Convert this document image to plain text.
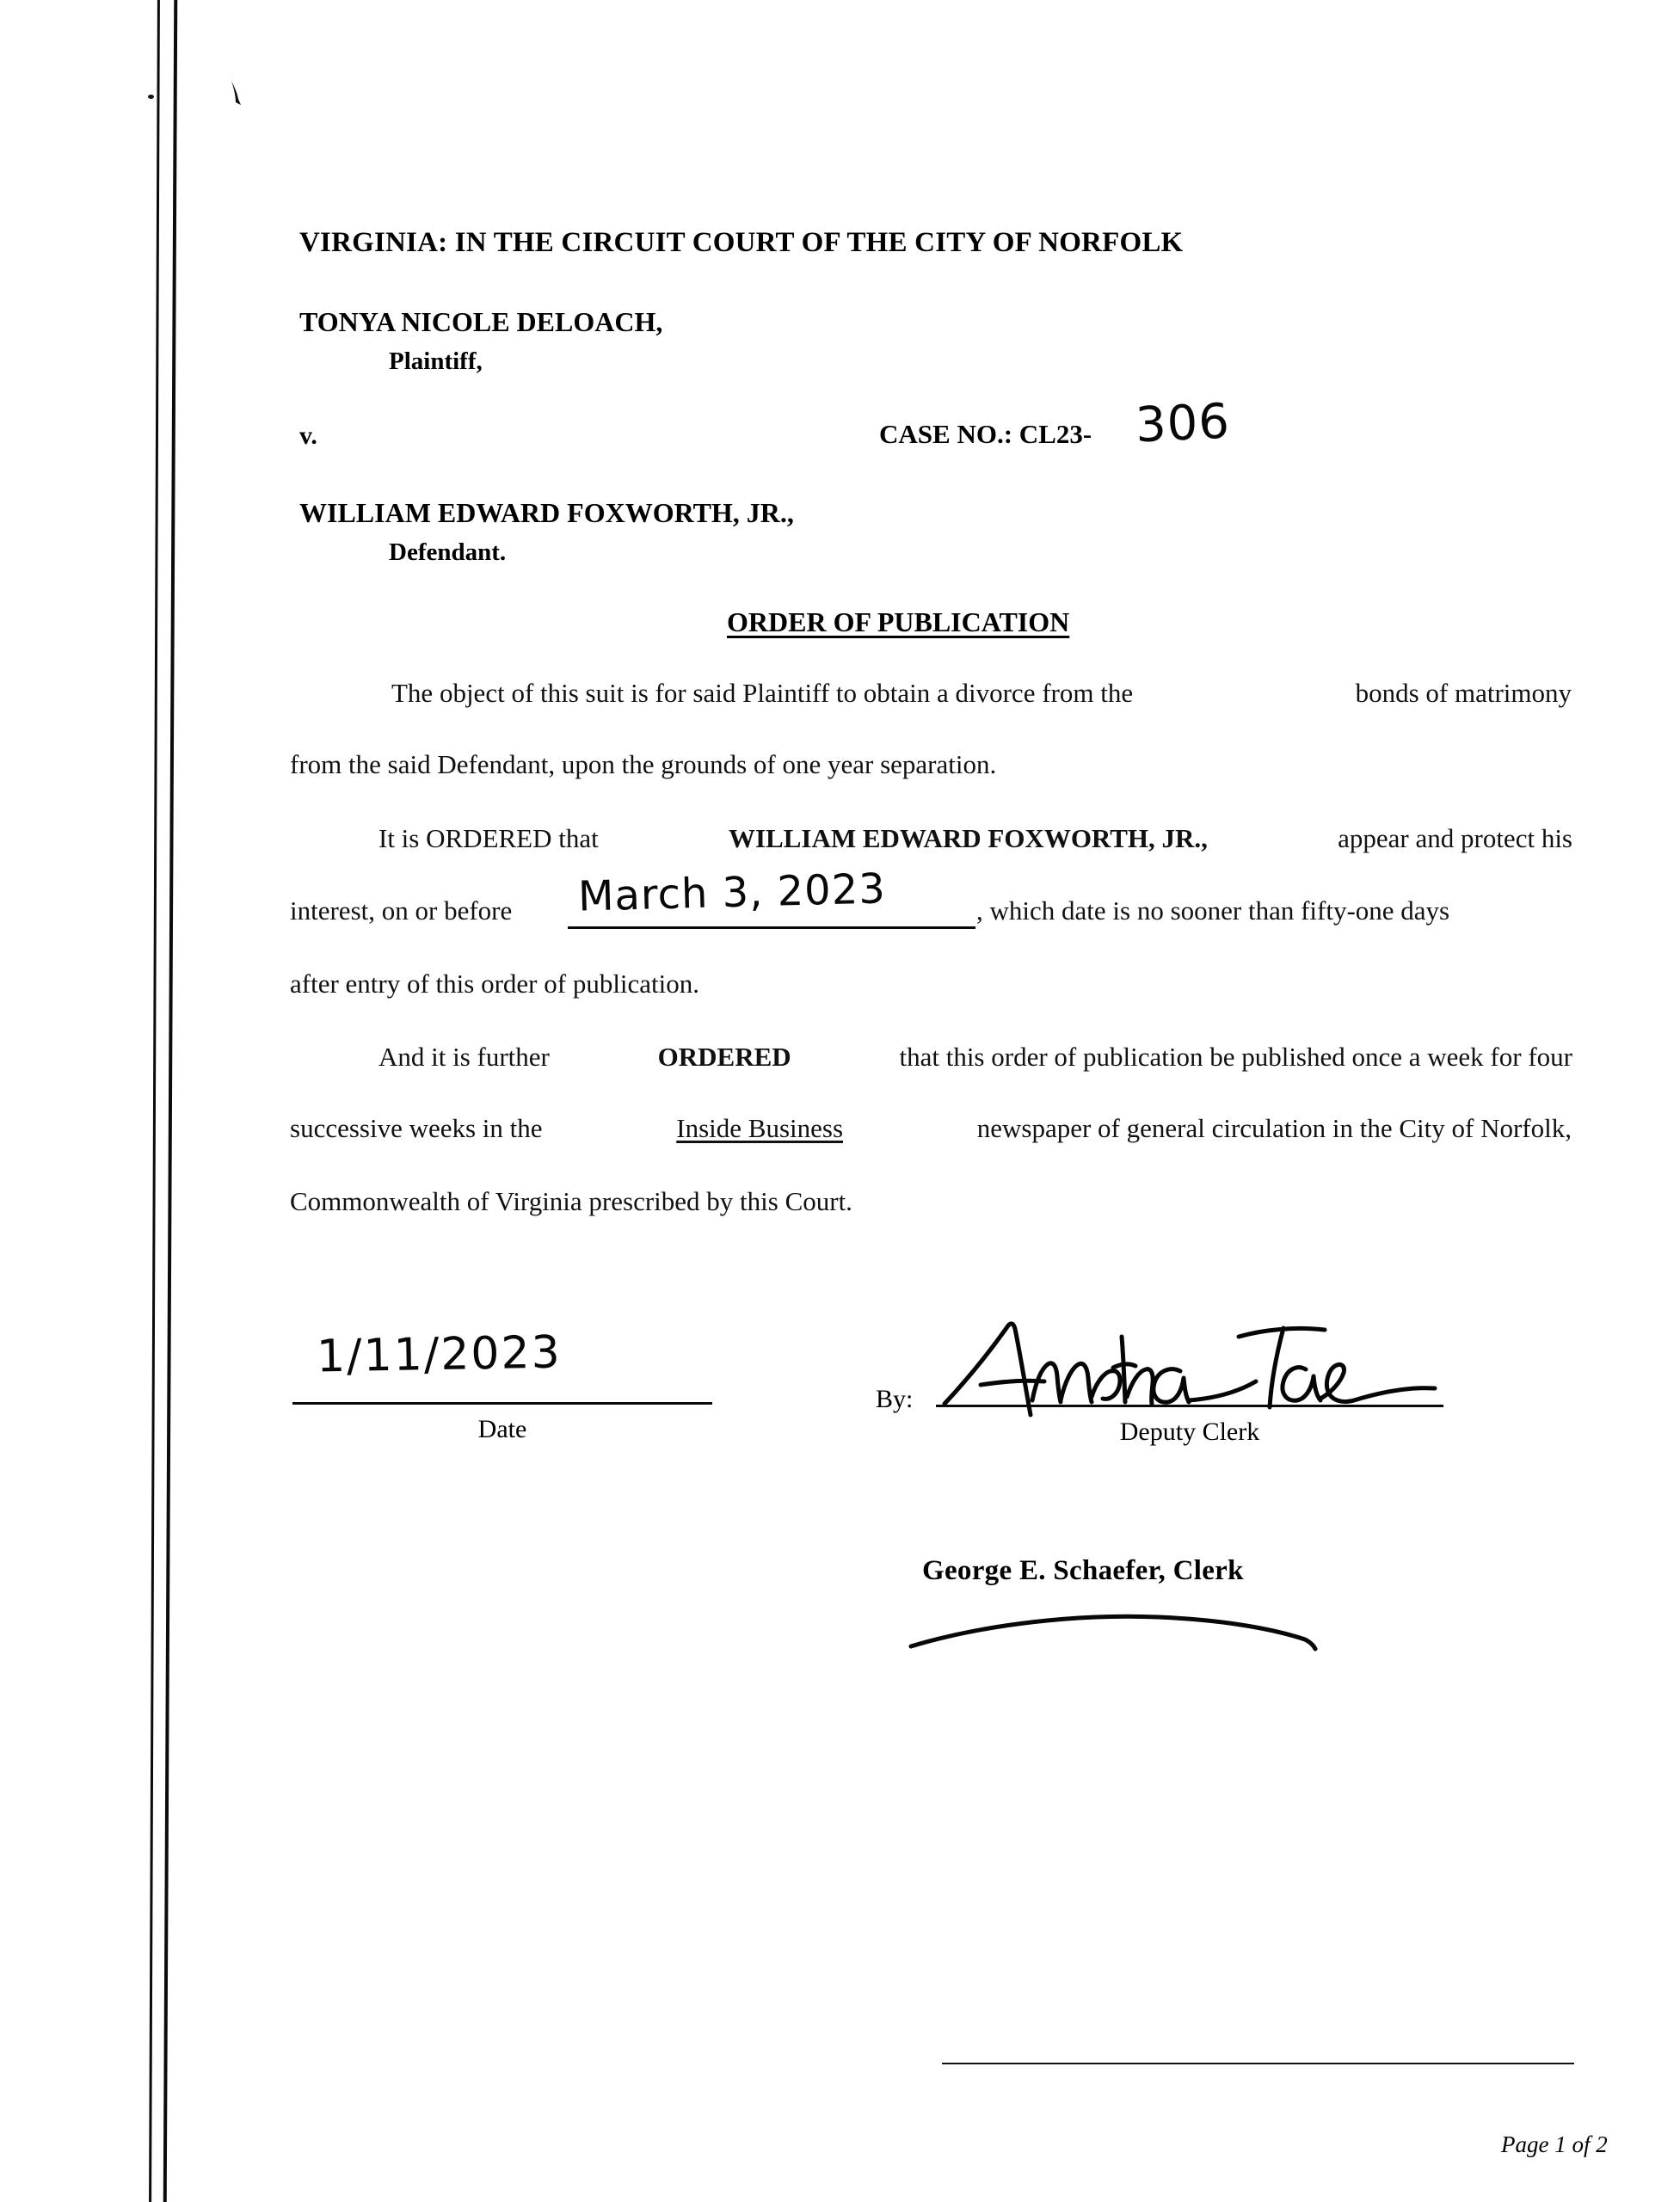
VIRGINIA: IN THE CIRCUIT COURT OF THE CITY OF NORFOLK
TONYA NICOLE DELOACH,
Plaintiff,
v.	CASE NO.: CL23- 306
WILLIAM EDWARD FOXWORTH, JR.,
Defendant.
ORDER OF PUBLICATION
The object of this suit is for said Plaintiff to obtain a divorce from the	bonds of matrimony
from the said Defendant, upon the grounds of one year separation.
It is ORDERED that	WILLIAM EDWARD FOXWORTH, JR.,	appear and protect his
interest, on or before March 3, 2023	, which date is no sooner than fifty-one days
after entry of this order of publication.
And it is further	ORDERED	that this order of publication be published once a week for four
successive weeks in the	Inside Business	newspaper of general circulation in the City of Norfolk,
Commonwealth of Virginia prescribed by this Court.
1/11/2023
Date
By:
Deputy Clerk
George E. Schaefer, Clerk
Page 1 of 2
